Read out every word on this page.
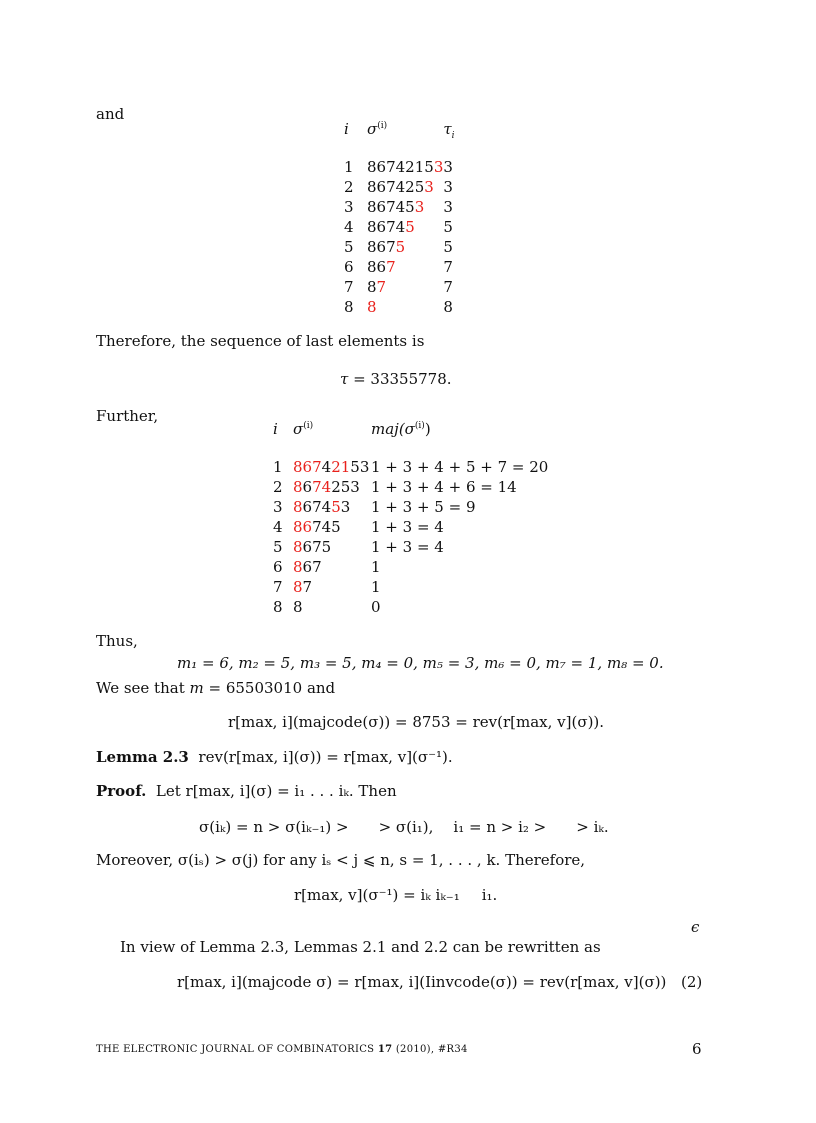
and
i	$\sigma^{(i)}$	$\tau_i$
1	86742153	3
2	8674253	3
3	867453	3
4	86745	5
5	8675	5
6	867	7
7	87	7
8	8	8
Therefore, the sequence of last elements is
τ = 33355778.
Further,
i	$\sigma^{(i)}$	$maj(\sigma^{(i)})$
1	86742153	1 + 3 + 4 + 5 + 7 = 20
2	8674253	1 + 3 + 4 + 6 = 14
3	867453	1 + 3 + 5 = 9
4	86745	1 + 3 = 4
5	8675	1 + 3 = 4
6	867	1
7	87	1
8	8	0
Thus,
m₁ = 6, m₂ = 5, m₃ = 5, m₄ = 0, m₅ = 3, m₆ = 0, m₇ = 1, m₈ = 0.
We see that m = 65503010 and
r[max, i](majcode(σ)) = 8753 = rev(r[max, v](σ)).
Lemma 2.3 rev(r[max, i](σ)) = r[max, v](σ⁻¹).
Proof. Let r[max, i](σ) = i₁ . . . iₖ. Then
σ(iₖ) = n > σ(iₖ₋₁) > > σ(i₁), i₁ = n > i₂ > > iₖ.
Moreover, σ(iₛ) > σ(j) for any iₛ < j ⩽ n, s = 1, . . . , k. Therefore,
r[max, v](σ⁻¹) = iₖ iₖ₋₁ i₁.
ϵ
In view of Lemma 2.3, Lemmas 2.1 and 2.2 can be rewritten as
r[max, i](majcode σ) = r[max, i](Iinvcode(σ)) = rev(r[max, v](σ)) (2)
THE ELECTRONIC JOURNAL OF COMBINATORICS 17 (2010), #R34	6
